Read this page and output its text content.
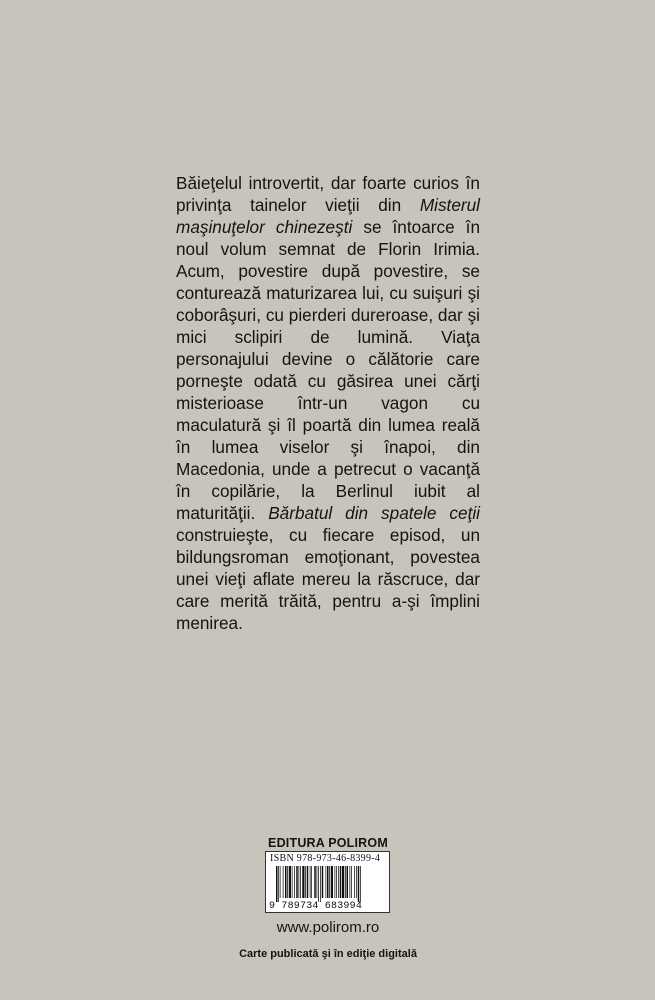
Băieţelul introvertit, dar foarte curios în privinţa tainelor vieţii din Misterul maşinuţelor chinezeşti se întoarce în noul volum semnat de Florin Irimia. Acum, povestire după povestire, se conturează maturizarea lui, cu suişuri şi coborâşuri, cu pierderi dureroase, dar şi mici sclipiri de lumină. Viaţa personajului devine o călătorie care porneşte odată cu găsirea unei cărţi misterioase într-un vagon cu maculatură şi îl poartă din lumea reală în lumea viselor şi înapoi, din Macedonia, unde a petrecut o vacanţă în copilărie, la Berlinul iubit al maturităţii. Bărbatul din spatele ceţii construieşte, cu fiecare episod, un bildungsroman emoţionant, povestea unei vieţi aflate mereu la răscruce, dar care merită trăită, pentru a-şi împlini menirea.

EDITURA POLIROM

ISBN 978-973-46-8399-4
9 789734 683994

www.polirom.ro

Carte publicată şi în ediţie digitală
